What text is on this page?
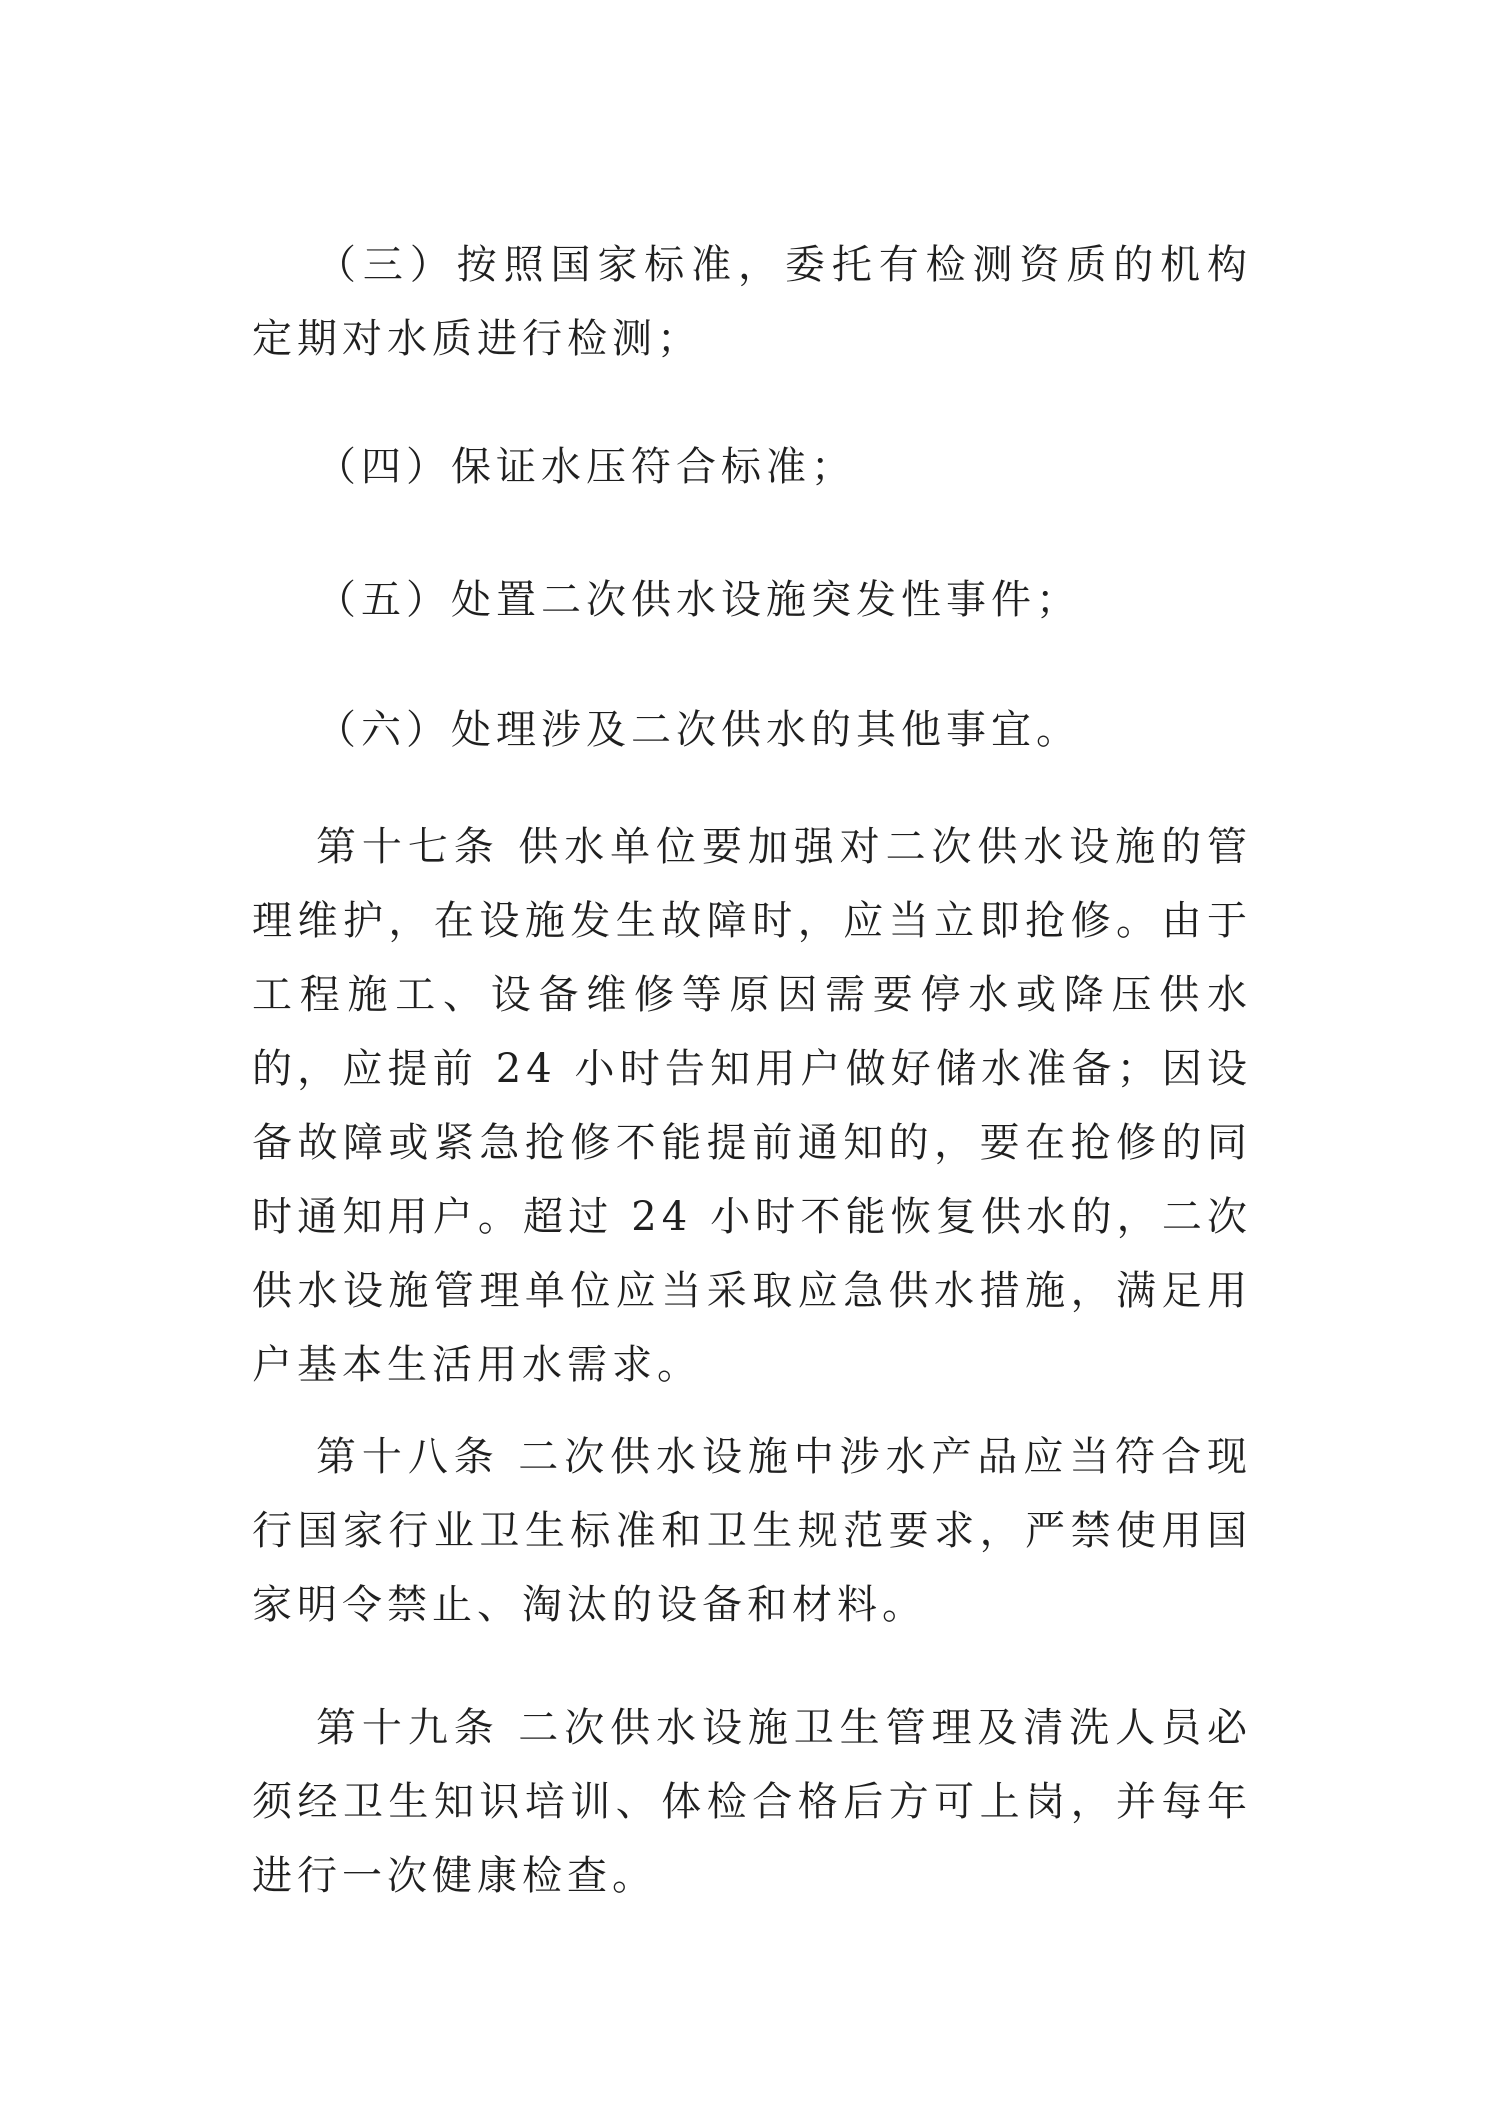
（三）按照国家标准，委托有检测资质的机构定期对水质进行检测；

（四）保证水压符合标准；

（五）处置二次供水设施突发性事件；

（六）处理涉及二次供水的其他事宜。

第十七条 供水单位要加强对二次供水设施的管理维护，在设施发生故障时，应当立即抢修。由于工程施工、设备维修等原因需要停水或降压供水的，应提前 24 小时告知用户做好储水准备；因设备故障或紧急抢修不能提前通知的，要在抢修的同时通知用户。超过 24 小时不能恢复供水的，二次供水设施管理单位应当采取应急供水措施，满足用户基本生活用水需求。

第十八条 二次供水设施中涉水产品应当符合现行国家行业卫生标准和卫生规范要求，严禁使用国家明令禁止、淘汰的设备和材料。

第十九条 二次供水设施卫生管理及清洗人员必须经卫生知识培训、体检合格后方可上岗，并每年进行一次健康检查。
